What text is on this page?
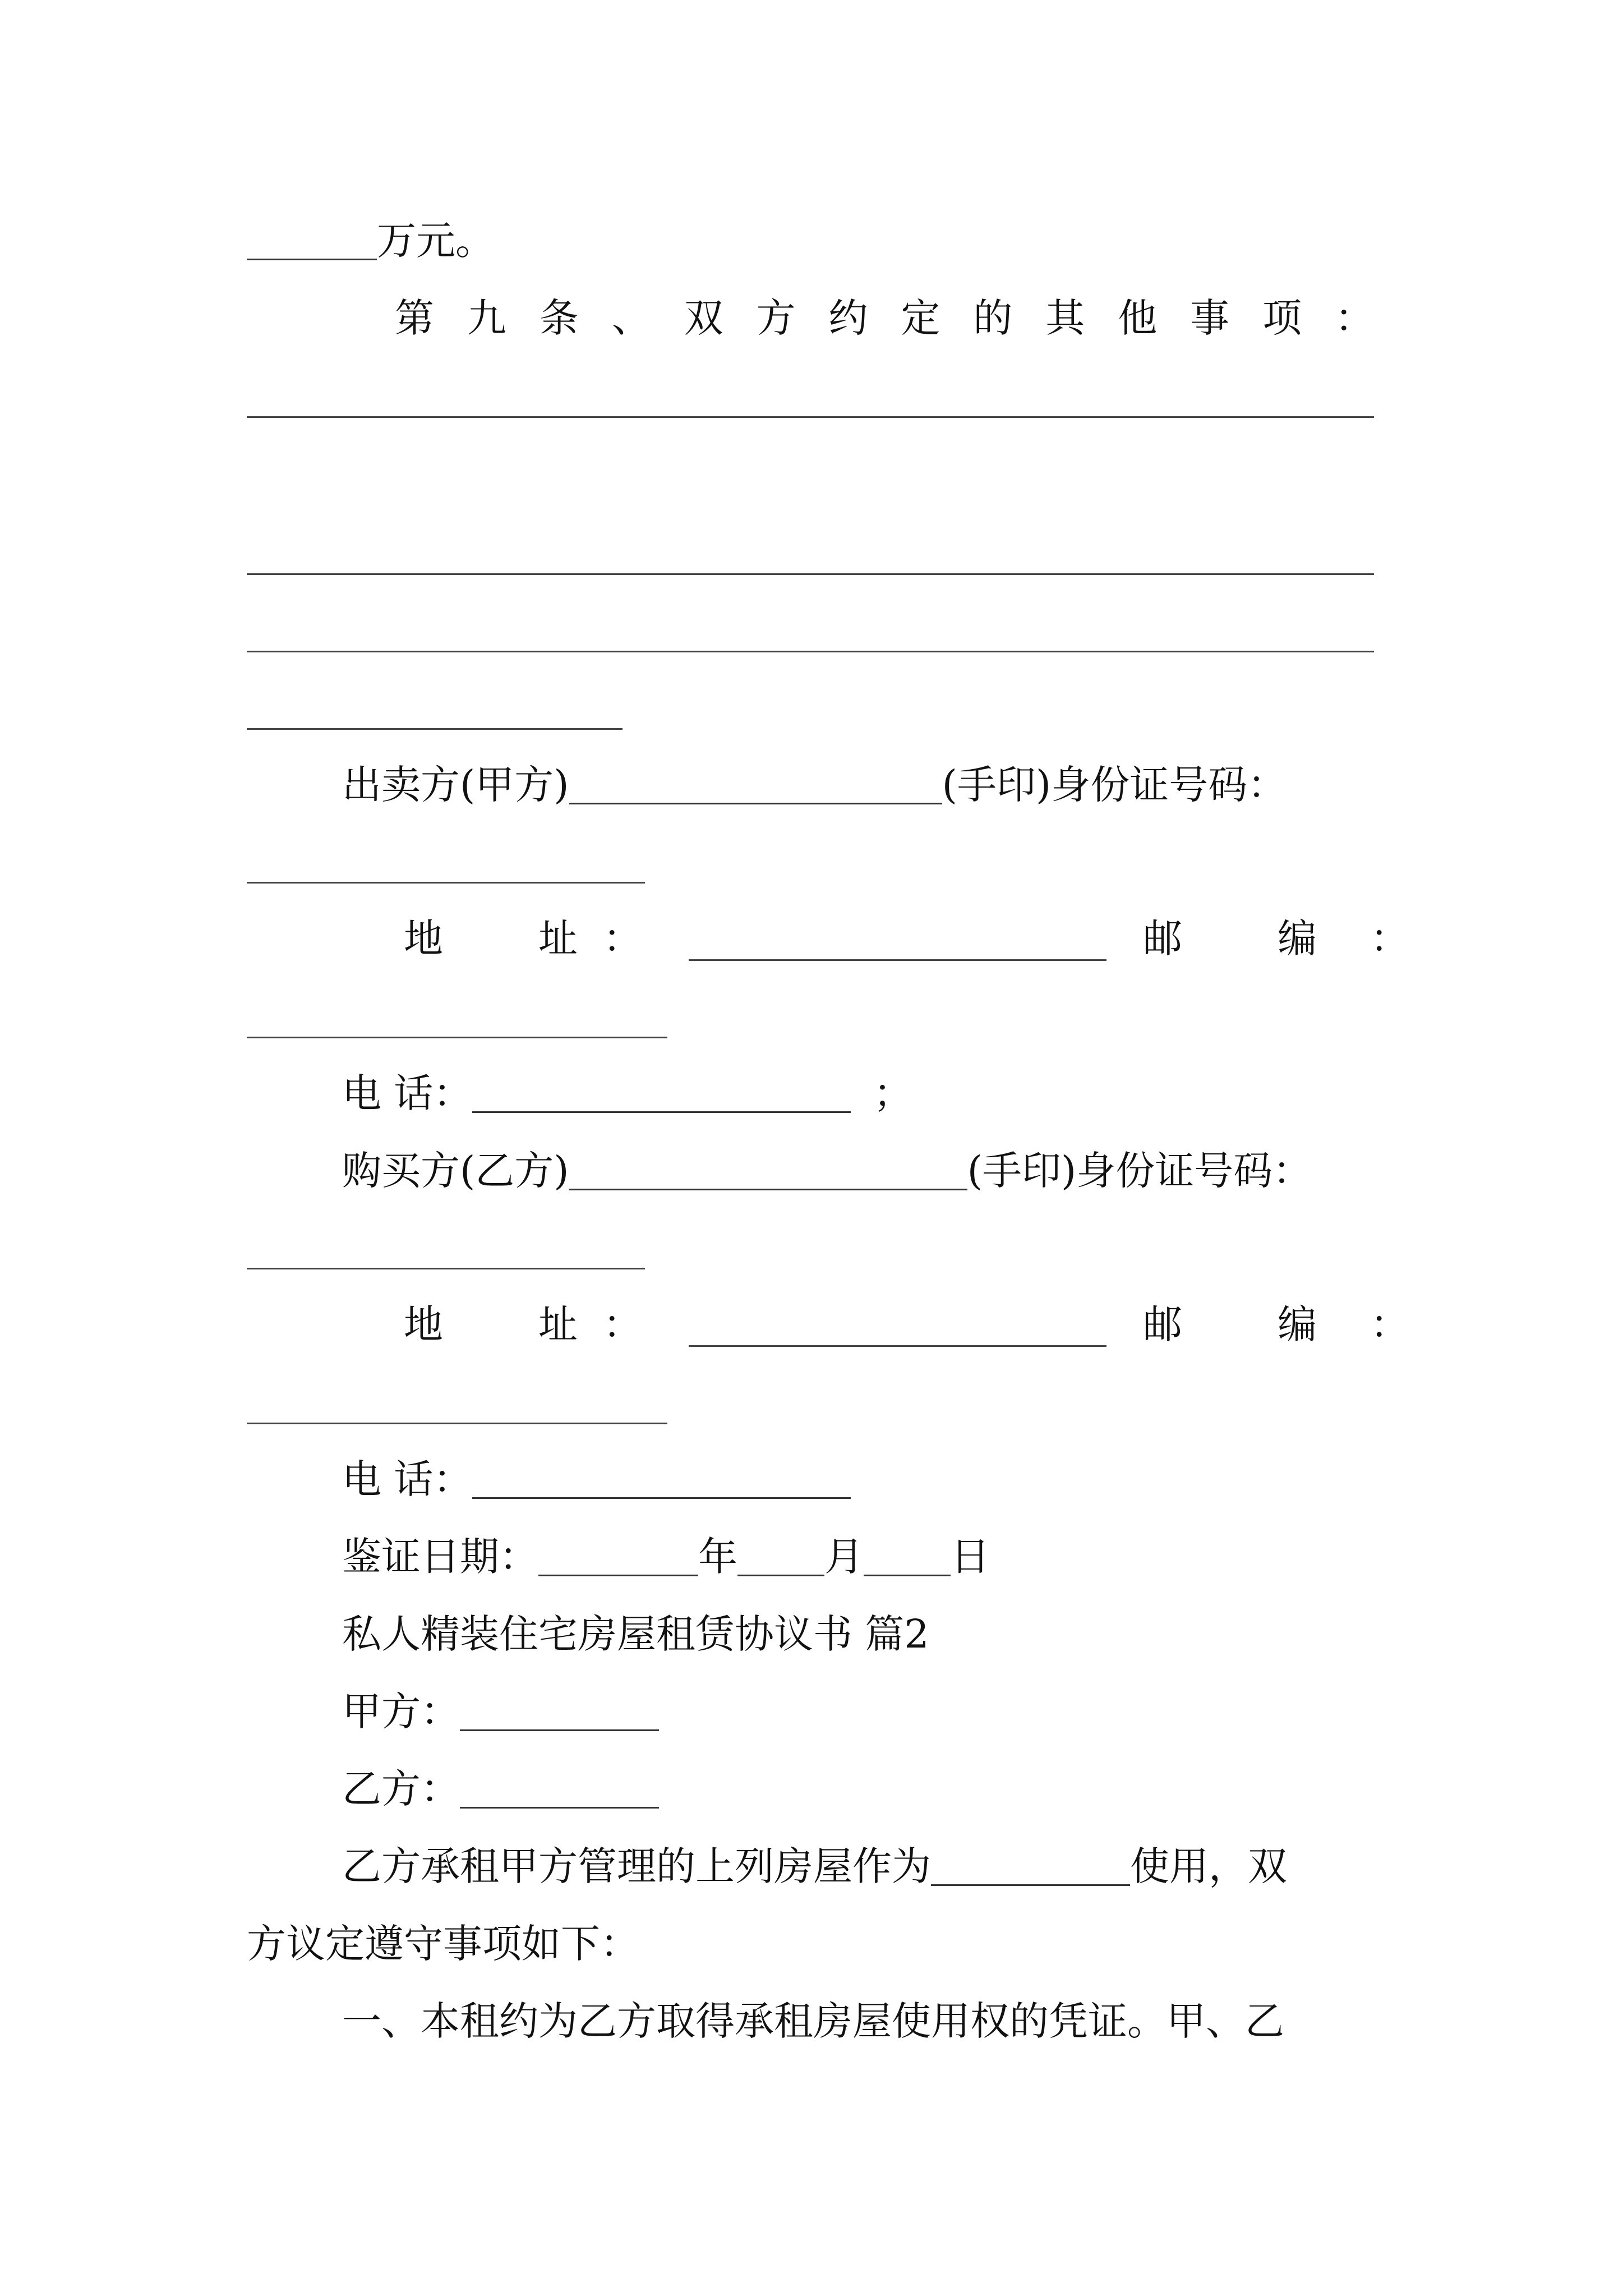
万元。
第 九 条 、 双 方 约 定 的 其 他 事 项 ：
出卖方(甲方)	(手印)身份证号码：
地 址 ：	邮 编 ：
电 话：	；
购买方(乙方)	(手印)身份证号码：
地 址 ：	邮 编 ：
电 话：
鉴证日期：	年 月 日
私人精装住宅房屋租赁协议书 篇2
甲方：
乙方：
乙方承租甲方管理的上列房屋作为	使用，双
方议定遵守事项如下：
一、本租约为乙方取得承租房屋使用权的凭证。甲、乙
